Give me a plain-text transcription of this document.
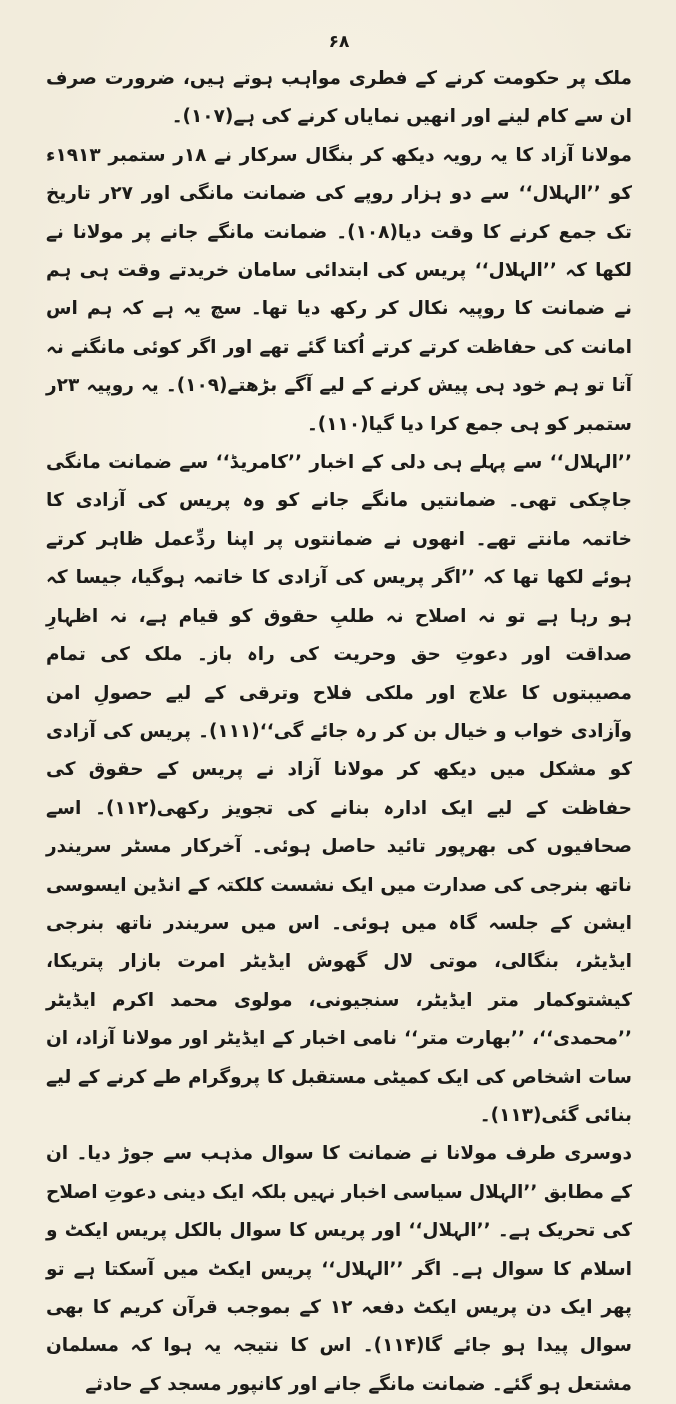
۶۸

ملک پر حکومت کرنے کے فطری مواہب ہوتے ہیں، ضرورت صرف ان سے کام لینے اور انھیں نمایاں کرنے کی ہے(۱۰۷)۔

مولانا آزاد کا یہ رویہ دیکھ کر بنگال سرکار نے ۱۸ر ستمبر ۱۹۱۳ء کو ’’الہلال‘‘ سے دو ہزار روپے کی ضمانت مانگی اور ۲۷ر تاریخ تک جمع کرنے کا وقت دیا(۱۰۸)۔ ضمانت مانگے جانے پر مولانا نے لکھا کہ ’’الہلال‘‘ پریس کی ابتدائی سامان خریدتے وقت ہی ہم نے ضمانت کا روپیہ نکال کر رکھ دیا تھا۔ سچ یہ ہے کہ ہم اس امانت کی حفاظت کرتے کرتے اُکتا گئے تھے اور اگر کوئی مانگنے نہ آتا تو ہم خود ہی پیش کرنے کے لیے آگے بڑھتے(۱۰۹)۔ یہ روپیہ ۲۳ر ستمبر کو ہی جمع کرا دیا گیا(۱۱۰)۔

’’الہلال‘‘ سے پہلے ہی دلی کے اخبار ’’کامریڈ‘‘ سے ضمانت مانگی جاچکی تھی۔ ضمانتیں مانگے جانے کو وہ پریس کی آزادی کا خاتمہ مانتے تھے۔ انھوں نے ضمانتوں پر اپنا ردِّعمل ظاہر کرتے ہوئے لکھا تھا کہ ’’اگر پریس کی آزادی کا خاتمہ ہوگیا، جیسا کہ ہو رہا ہے تو نہ اصلاح نہ طلبِ حقوق کو قیام ہے، نہ اظہارِ صداقت اور دعوتِ حق وحریت کی راہ باز۔ ملک کی تمام مصیبتوں کا علاج اور ملکی فلاح وترقی کے لیے حصولِ امن وآزادی خواب و خیال بن کر رہ جائے گی‘‘(۱۱۱)۔ پریس کی آزادی کو مشکل میں دیکھ کر مولانا آزاد نے پریس کے حقوق کی حفاظت کے لیے ایک ادارہ بنانے کی تجویز رکھی(۱۱۲)۔ اسے صحافیوں کی بھرپور تائید حاصل ہوئی۔ آخرکار مسٹر سریندر ناتھ بنرجی کی صدارت میں ایک نشست کلکتہ کے انڈین ایسوسی ایشن کے جلسہ گاہ میں ہوئی۔ اس میں سریندر ناتھ بنرجی ایڈیٹر، بنگالی، موتی لال گھوش ایڈیٹر امرت بازار پتریکا، کیشتوکمار متر ایڈیٹر، سنجیونی، مولوی محمد اکرم ایڈیٹر ’’محمدی‘‘، ’’بھارت متر‘‘ نامی اخبار کے ایڈیٹر اور مولانا آزاد، ان سات اشخاص کی ایک کمیٹی مستقبل کا پروگرام طے کرنے کے لیے بنائی گئی(۱۱۳)۔

دوسری طرف مولانا نے ضمانت کا سوال مذہب سے جوڑ دیا۔ ان کے مطابق ’’الہلال سیاسی اخبار نہیں بلکہ ایک دینی دعوتِ اصلاح کی تحریک ہے۔ ’’الہلال‘‘ اور پریس کا سوال بالکل پریس ایکٹ و اسلام کا سوال ہے۔ اگر ’’الہلال‘‘ پریس ایکٹ میں آسکتا ہے تو پھر ایک دن پریس ایکٹ دفعہ ۱۲ کے بموجب قرآن کریم کا بھی سوال پیدا ہو جائے گا(۱۱۴)۔ اس کا نتیجہ یہ ہوا کہ مسلمان مشتعل ہو گئے۔ ضمانت مانگے جانے اور کانپور مسجد کے حادثے
